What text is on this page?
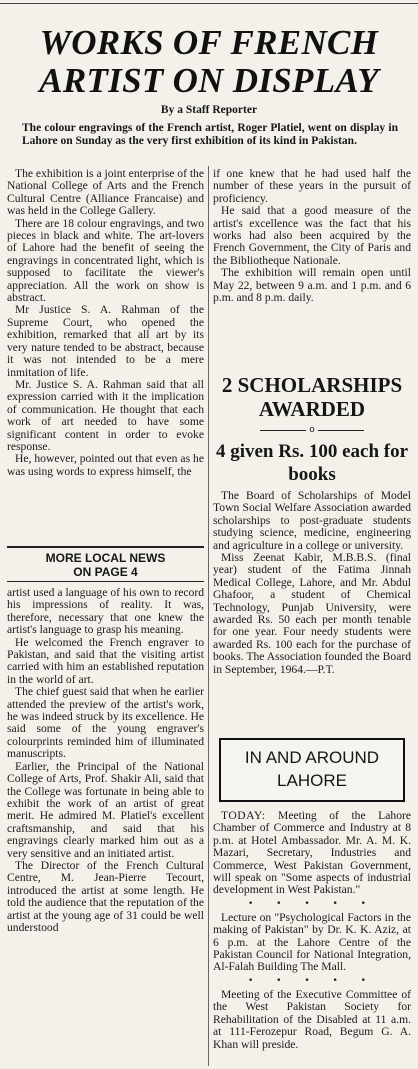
WORKS OF FRENCH
ARTIST ON DISPLAY
By a Staff Reporter
The colour engravings of the French artist, Roger Platiel, went on display in Lahore on Sunday as the very first exhibition of its kind in Pakistan.

The exhibition is a joint enterprise of the National College of Arts and the French Cultural Centre (Alliance Francaise) and was held in the College Gallery.

There are 18 colour engravings, and two pieces in black and white. The art-lovers of Lahore had the benefit of seeing the engravings in concentrated light, which is supposed to facilitate the viewer's appreciation. All the work on show is abstract.

Mr Justice S. A. Rahman of the Supreme Court, who opened the exhibition, remarked that all art by its very nature tended to be abstract, because it was not intended to be a mere inmitation of life.

Mr. Justice S. A. Rahman said that all expression carried with it the implication of communication. He thought that each work of art needed to have some significant content in order to evoke response.

He, however, pointed out that even as he was using words to express himself, the

MORE LOCAL NEWS
ON PAGE 4

artist used a language of his own to record his impressions of reality. It was, therefore, necessary that one knew the artist's language to grasp his meaning.

He welcomed the French engraver to Pakistan, and said that the visiting artist carried with him an established reputation in the world of art.

The chief guest said that when he earlier attended the preview of the artist's work, he was indeed struck by its excellence. He said some of the young engraver's colourprints reminded him of illuminated manuscripts.

Earlier, the Principal of the National College of Arts, Prof. Shakir Ali, said that the College was fortunate in being able to exhibit the work of an artist of great merit. He admired M. Platiel's excellent craftsmanship, and said that his engravings clearly marked him out as a very sensitive and an initiated artist.

The Director of the French Cultural Centre, M. Jean-Pierre Tecourt, introduced the artist at some length. He told the audience that the reputation of the artist at the young age of 31 could be well understood

if one knew that he had used half the number of these years in the pursuit of proficiency.

He said that a good measure of the artist's excellence was the fact that his works had also been acquired by the French Government, the City of Paris and the Bibliotheque Nationale.

The exhibition will remain open until May 22, between 9 a.m. and 1 p.m. and 6 p.m. and 8 p.m. daily.

2 SCHOLARSHIPS AWARDED
o
4 given Rs. 100 each for books

The Board of Scholarships of Model Town Social Welfare Association awarded scholarships to post-graduate students studying science, medicine, engineering and agriculture in a college or university.

Miss Zeenat Kabir, M.B.B.S. (final year) student of the Fatima Jinnah Medical College, Lahore, and Mr. Abdul Ghafoor, a student of Chemical Technology, Punjab University, were awarded Rs. 50 each per month tenable for one year. Four needy students were awarded Rs. 100 each for the purchase of books. The Association founded the Board in September, 1964.—P.T.

IN AND AROUND
LAHORE

TODAY: Meeting of the Lahore Chamber of Commerce and Industry at 8 p.m. at Hotel Ambassador. Mr. A. M. K. Mazari, Secretary, Industries and Commerce, West Pakistan Government, will speak on "Some aspects of industrial development in West Pakistan."

• • • • •

Lecture on "Psychological Factors in the making of Pakistan" by Dr. K. K. Aziz, at 6 p.m. at the Lahore Centre of the Pakistan Council for National Integration, Al-Falah Building The Mall.

• • • • •

Meeting of the Executive Committee of the West Pakistan Society for Rehabilitation of the Disabled at 11 a.m. at 111-Ferozepur Road, Begum G. A. Khan will preside.
